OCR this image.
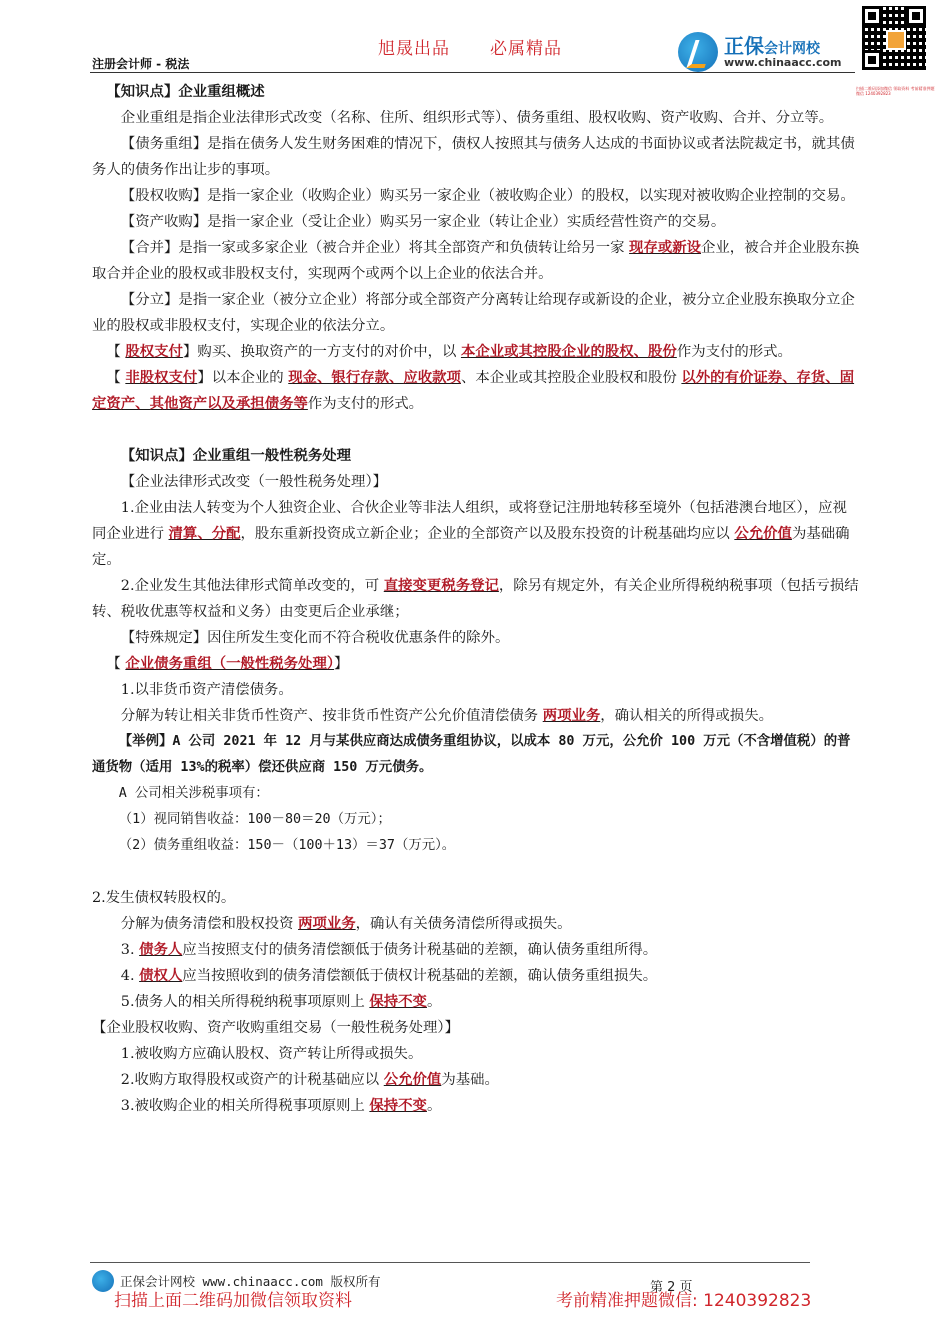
旭晟出品 必属精品
注册会计师 - 税法
正保会计网校
www.chinaacc.com
扫描二维码添加微信 领取资料 考前精准押题微信 1240392823

【知识点】企业重组概述

企业重组是指企业法律形式改变（名称、住所、组织形式等）、债务重组、股权收购、资产收购、合并、分立等。

【债务重组】是指在债务人发生财务困难的情况下，债权人按照其与债务人达成的书面协议或者法院裁定书，就其债务人的债务作出让步的事项。

【股权收购】是指一家企业（收购企业）购买另一家企业（被收购企业）的股权，以实现对被收购企业控制的交易。

【资产收购】是指一家企业（受让企业）购买另一家企业（转让企业）实质经营性资产的交易。

【合并】是指一家或多家企业（被合并企业）将其全部资产和负债转让给另一家 现存或新设企业，被合并企业股东换取合并企业的股权或非股权支付，实现两个或两个以上企业的依法合并。

【分立】是指一家企业（被分立企业）将部分或全部资产分离转让给现存或新设的企业，被分立企业股东换取分立企业的股权或非股权支付，实现企业的依法分立。

【 股权支付】购买、换取资产的一方支付的对价中，以 本企业或其控股企业的股权、股份作为支付的形式。

【 非股权支付】以本企业的 现金、银行存款、应收款项、本企业或其控股企业股权和股份 以外的有价证券、存货、固定资产、其他资产以及承担债务等作为支付的形式。

【知识点】企业重组一般性税务处理

【企业法律形式改变（一般性税务处理）】

1.企业由法人转变为个人独资企业、合伙企业等非法人组织，或将登记注册地转移至境外（包括港澳台地区），应视同企业进行 清算、分配，股东重新投资成立新企业；企业的全部资产以及股东投资的计税基础均应以 公允价值为基础确定。

2.企业发生其他法律形式简单改变的，可 直接变更税务登记，除另有规定外，有关企业所得税纳税事项（包括亏损结转、税收优惠等权益和义务）由变更后企业承继；

【特殊规定】因住所发生变化而不符合税收优惠条件的除外。

【 企业债务重组（一般性税务处理）】

1.以非货币资产清偿债务。

分解为转让相关非货币性资产、按非货币性资产公允价值清偿债务 两项业务，确认相关的所得或损失。

【举例】A 公司 2021 年 12 月与某供应商达成债务重组协议，以成本 80 万元，公允价 100 万元（不含增值税）的普通货物（适用 13%的税率）偿还供应商 150 万元债务。

A 公司相关涉税事项有：

（1）视同销售收益：100－80＝20（万元）；

（2）债务重组收益：150－（100＋13）＝37（万元）。

2.发生债权转股权的。

分解为债务清偿和股权投资 两项业务，确认有关债务清偿所得或损失。

3. 债务人应当按照支付的债务清偿额低于债务计税基础的差额，确认债务重组所得。

4. 债权人应当按照收到的债务清偿额低于债权计税基础的差额，确认债务重组损失。

5.债务人的相关所得税纳税事项原则上 保持不变。

【企业股权收购、资产收购重组交易（一般性税务处理）】

1.被收购方应确认股权、资产转让所得或损失。

2.收购方取得股权或资产的计税基础应以 公允价值为基础。

3.被收购企业的相关所得税事项原则上 保持不变。

正保会计网校 www.chinaacc.com 版权所有	第 2 页
扫描上面二维码加微信领取资料	考前精准押题微信: 1240392823
